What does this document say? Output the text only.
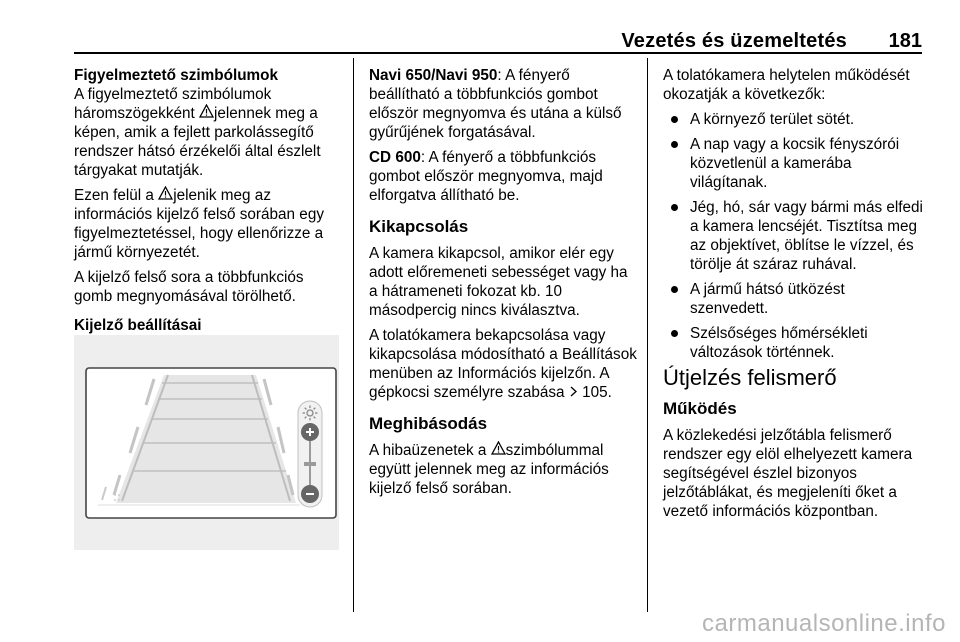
Vezetés és üzemeltetés 181
Figyelmeztető szimbólumok

A figyelmeztető szimbólumok háromszögekként jelennek meg a képen, amik a fejlett parkolássegítő rendszer hátsó érzékelői által észlelt tárgyakat mutatják.

Ezen felül a jelenik meg az információs kijelző felső sorában egy figyelmeztetéssel, hogy ellenőrizze a jármű környezetét.

A kijelző felső sora a többfunkciós gomb megnyomásával törölhető.

Kijelző beállításai

Navi 650/Navi 950: A fényerő beállítható a többfunkciós gombot először megnyomva és utána a külső gyűrűjének forgatásával.

CD 600: A fényerő a többfunkciós gombot először megnyomva, majd elforgatva állítható be.

Kikapcsolás

A kamera kikapcsol, amikor elér egy adott előremeneti sebességet vagy ha a hátrameneti fokozat kb. 10 másodpercig nincs kiválasztva.

A tolatókamera bekapcsolása vagy kikapcsolása módosítható a Beállítások menüben az Információs kijelzőn. A gépkocsi személyre szabása  105.

Meghibásodás

A hibaüzenetek a szimbólummal együtt jelennek meg az információs kijelző felső sorában.

A tolatókamera helytelen működését okozatják a következők:

A környező terület sötét.
A nap vagy a kocsik fényszórói közvetlenül a kamerába világítanak.
Jég, hó, sár vagy bármi más elfedi a kamera lencséjét. Tisztítsa meg az objektívet, öblítse le vízzel, és törölje át száraz ruhával.
A jármű hátsó ütközést szenvedett.
Szélsőséges hőmérsékleti változások történnek.
Útjelzés felismerő
Működés

A közlekedési jelzőtábla felismerő rendszer egy elöl elhelyezett kamera segítségével észlel bizonyos jelzőtáblákat, és megjeleníti őket a vezető információs központban.

carmanualsonline.info
